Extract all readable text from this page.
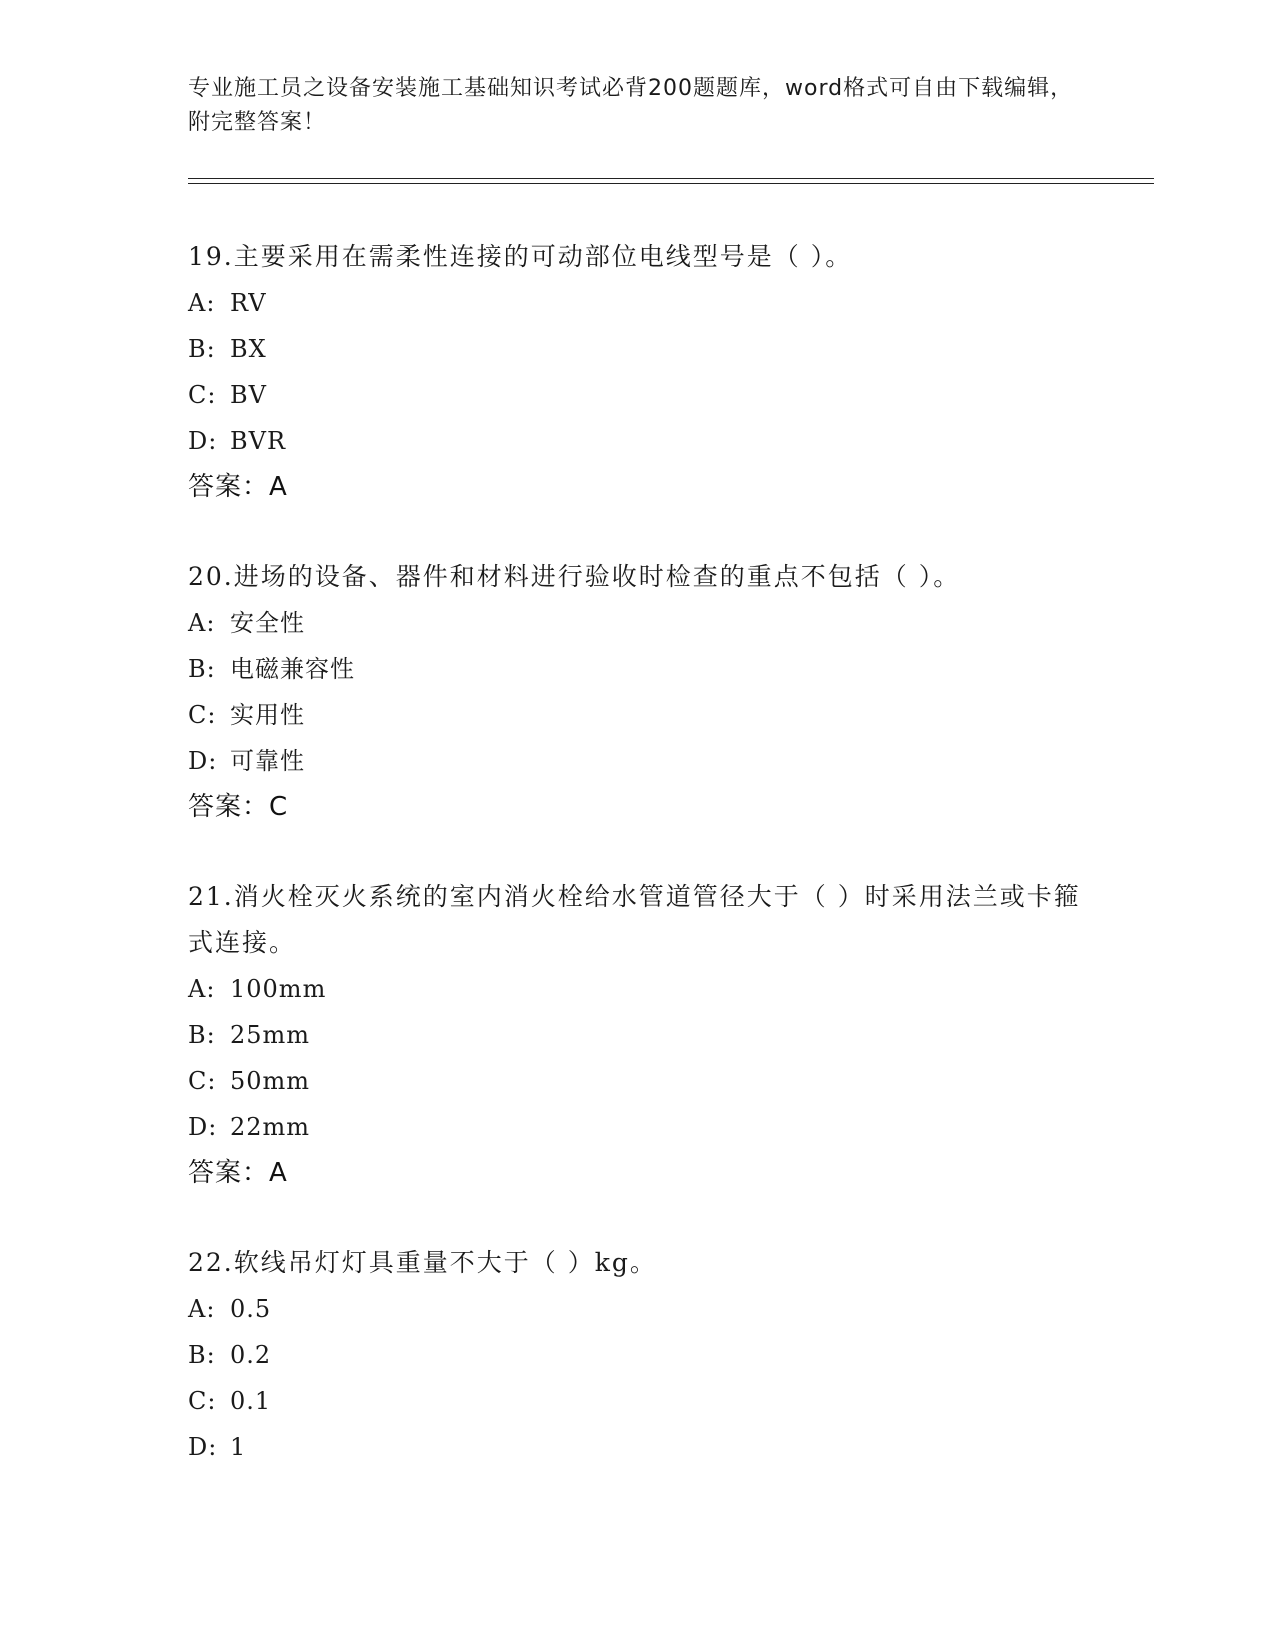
专业施工员之设备安装施工基础知识考试必背200题题库，word格式可自由下载编辑，附完整答案！
19.主要采用在需柔性连接的可动部位电线型号是（ ）。
A: RV
B: BX
C: BV
D: BVR
答案：A
20.进场的设备、器件和材料进行验收时检查的重点不包括（ ）。
A: 安全性
B: 电磁兼容性
C: 实用性
D: 可靠性
答案：C
21.消火栓灭火系统的室内消火栓给水管道管径大于（ ）时采用法兰或卡箍式连接。
A: 100mm
B: 25mm
C: 50mm
D: 22mm
答案：A
22.软线吊灯灯具重量不大于（ ）kg。
A: 0.5
B: 0.2
C: 0.1
D: 1
